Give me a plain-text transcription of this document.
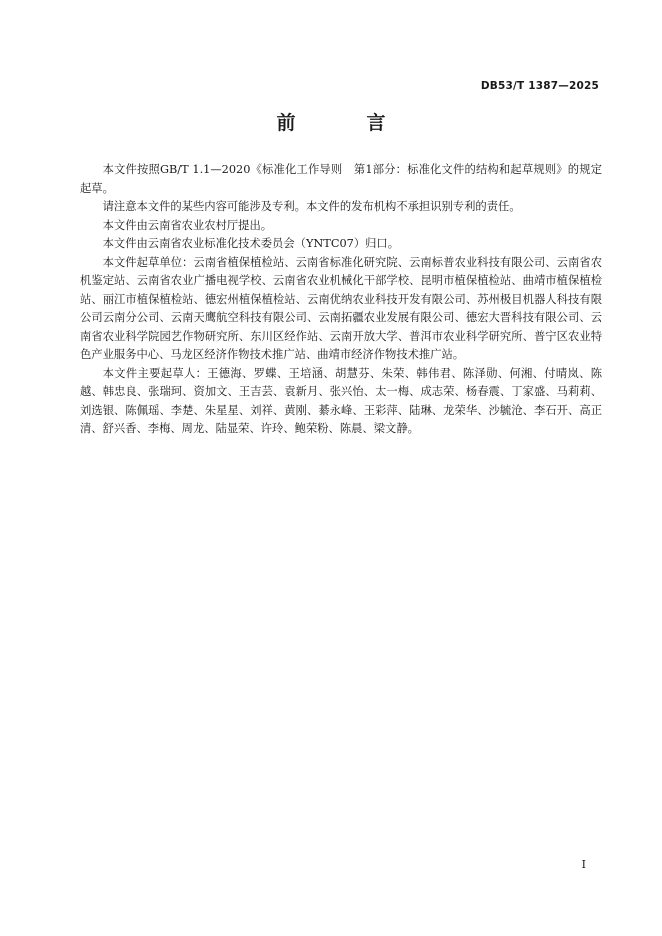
DB53/T 1387—2025
前　言

本文件按照GB/T 1.1—2020《标准化工作导则　第1部分：标准化文件的结构和起草规则》的规定起草。

请注意本文件的某些内容可能涉及专利。本文件的发布机构不承担识别专利的责任。

本文件由云南省农业农村厅提出。

本文件由云南省农业标准化技术委员会（YNTC07）归口。

本文件起草单位：云南省植保植检站、云南省标准化研究院、云南标普农业科技有限公司、云南省农机鉴定站、云南省农业广播电视学校、云南省农业机械化干部学校、昆明市植保植检站、曲靖市植保植检站、丽江市植保植检站、德宏州植保植检站、云南优纳农业科技开发有限公司、苏州极目机器人科技有限公司云南分公司、云南天鹰航空科技有限公司、云南拓疆农业发展有限公司、德宏大晋科技有限公司、云南省农业科学院园艺作物研究所、东川区经作站、云南开放大学、普洱市农业科学研究所、普宁区农业特色产业服务中心、马龙区经济作物技术推广站、曲靖市经济作物技术推广站。

本文件主要起草人：王德海、罗蝶、王培涵、胡慧芬、朱荣、韩伟君、陈泽勋、何湘、付晴岚、陈越、韩忠良、张瑞珂、资加文、王吉芸、袁新月、张兴怡、太一梅、成志荣、杨春震、丁家盛、马莉莉、刘选银、陈佩瑶、李楚、朱星星、刘祥、黄刚、綦永峰、王彩萍、陆琳、龙荣华、沙毓沧、李石开、高正清、舒兴香、李梅、周龙、陆显荣、许玲、鲍荣粉、陈晨、梁文静。

I
